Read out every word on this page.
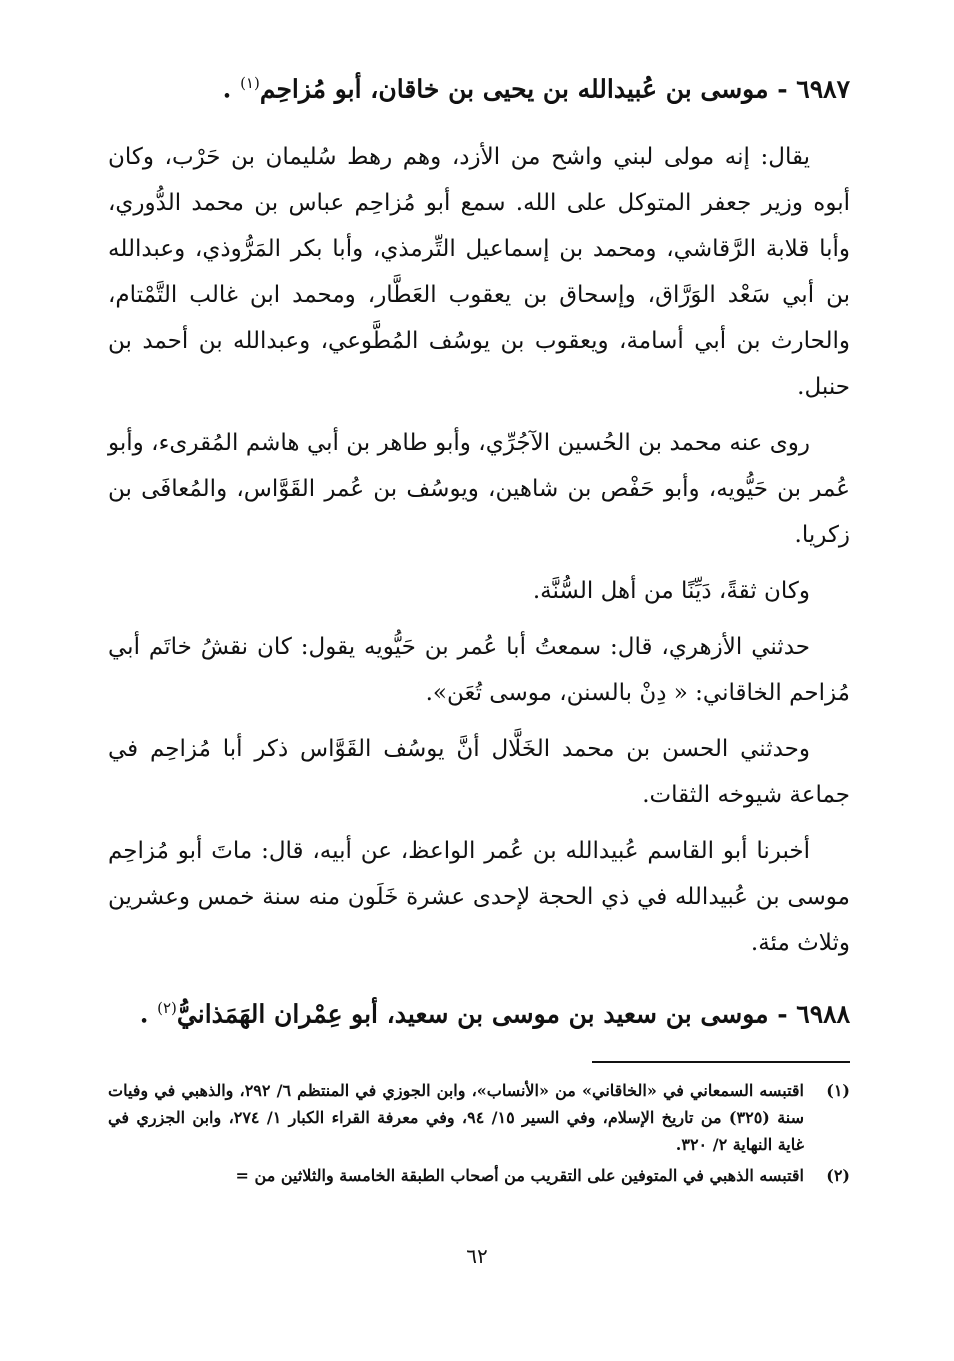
٦٩٨٧ - موسى بن عُبيدالله بن يحيى بن خاقان، أبو مُزاحِم$^{(١)}$ .

يقال: إنه مولى لبني واشح من الأزد، وهم رهط سُليمان بن حَرْب، وكان أبوه وزير جعفر المتوكل على الله. سمع أبو مُزاحِم عباس بن محمد الدُّوري، وأبا قلابة الرَّقاشي، ومحمد بن إسماعيل التِّرمذي، وأبا بكر المَرُّوذي، وعبدالله بن أبي سَعْد الوَرَّاق، وإسحاق بن يعقوب العَطَّار، ومحمد ابن غالب التَّمْتام، والحارث بن أبي أسامة، ويعقوب بن يوسُف المُطَّوعي، وعبدالله بن أحمد بن حنبل.

روى عنه محمد بن الحُسين الآجُرِّي، وأبو طاهر بن أبي هاشم المُقرىء، وأبو عُمر بن حَيُّويه، وأبو حَفْص بن شاهين، ويوسُف بن عُمر القَوَّاس، والمُعافَى بن زكريا.

وكان ثقةً، دَيِّنًا من أهل السُّنَّة.

حدثني الأزهري، قال: سمعتُ أبا عُمر بن حَيُّويه يقول: كان نقشُ خاتَم أبي مُزاحم الخاقاني: « دِنْ بالسنن، موسى تُعَن».

وحدثني الحسن بن محمد الخَلَّال أنَّ يوسُف القَوَّاس ذكر أبا مُزاحِم في جماعة شيوخه الثقات.

أخبرنا أبو القاسم عُبيدالله بن عُمر الواعظ، عن أبيه، قال: ماتَ أبو مُزاحِم موسى بن عُبيدالله في ذي الحجة لإحدى عشرة خَلَون منه سنة خمس وعشرين وثلاث مئة.

٦٩٨٨ - موسى بن سعيد بن موسى بن سعيد، أبو عِمْران الهَمَذانيُّ$^{(٢)}$ .
(١)
اقتبسه السمعاني في «الخاقاني» من «الأنساب»، وابن الجوزي في المنتظم ٦/ ٢٩٢، والذهبي في وفيات سنة (٣٢٥) من تاريخ الإسلام، وفي السير ١٥/ ٩٤، وفي معرفة القراء الكبار ١/ ٢٧٤، وابن الجزري في غاية النهاية ٢/ ٣٢٠.
(٢)
اقتبسه الذهبي في المتوفين على التقريب من أصحاب الطبقة الخامسة والثلاثين من =
٦٢
